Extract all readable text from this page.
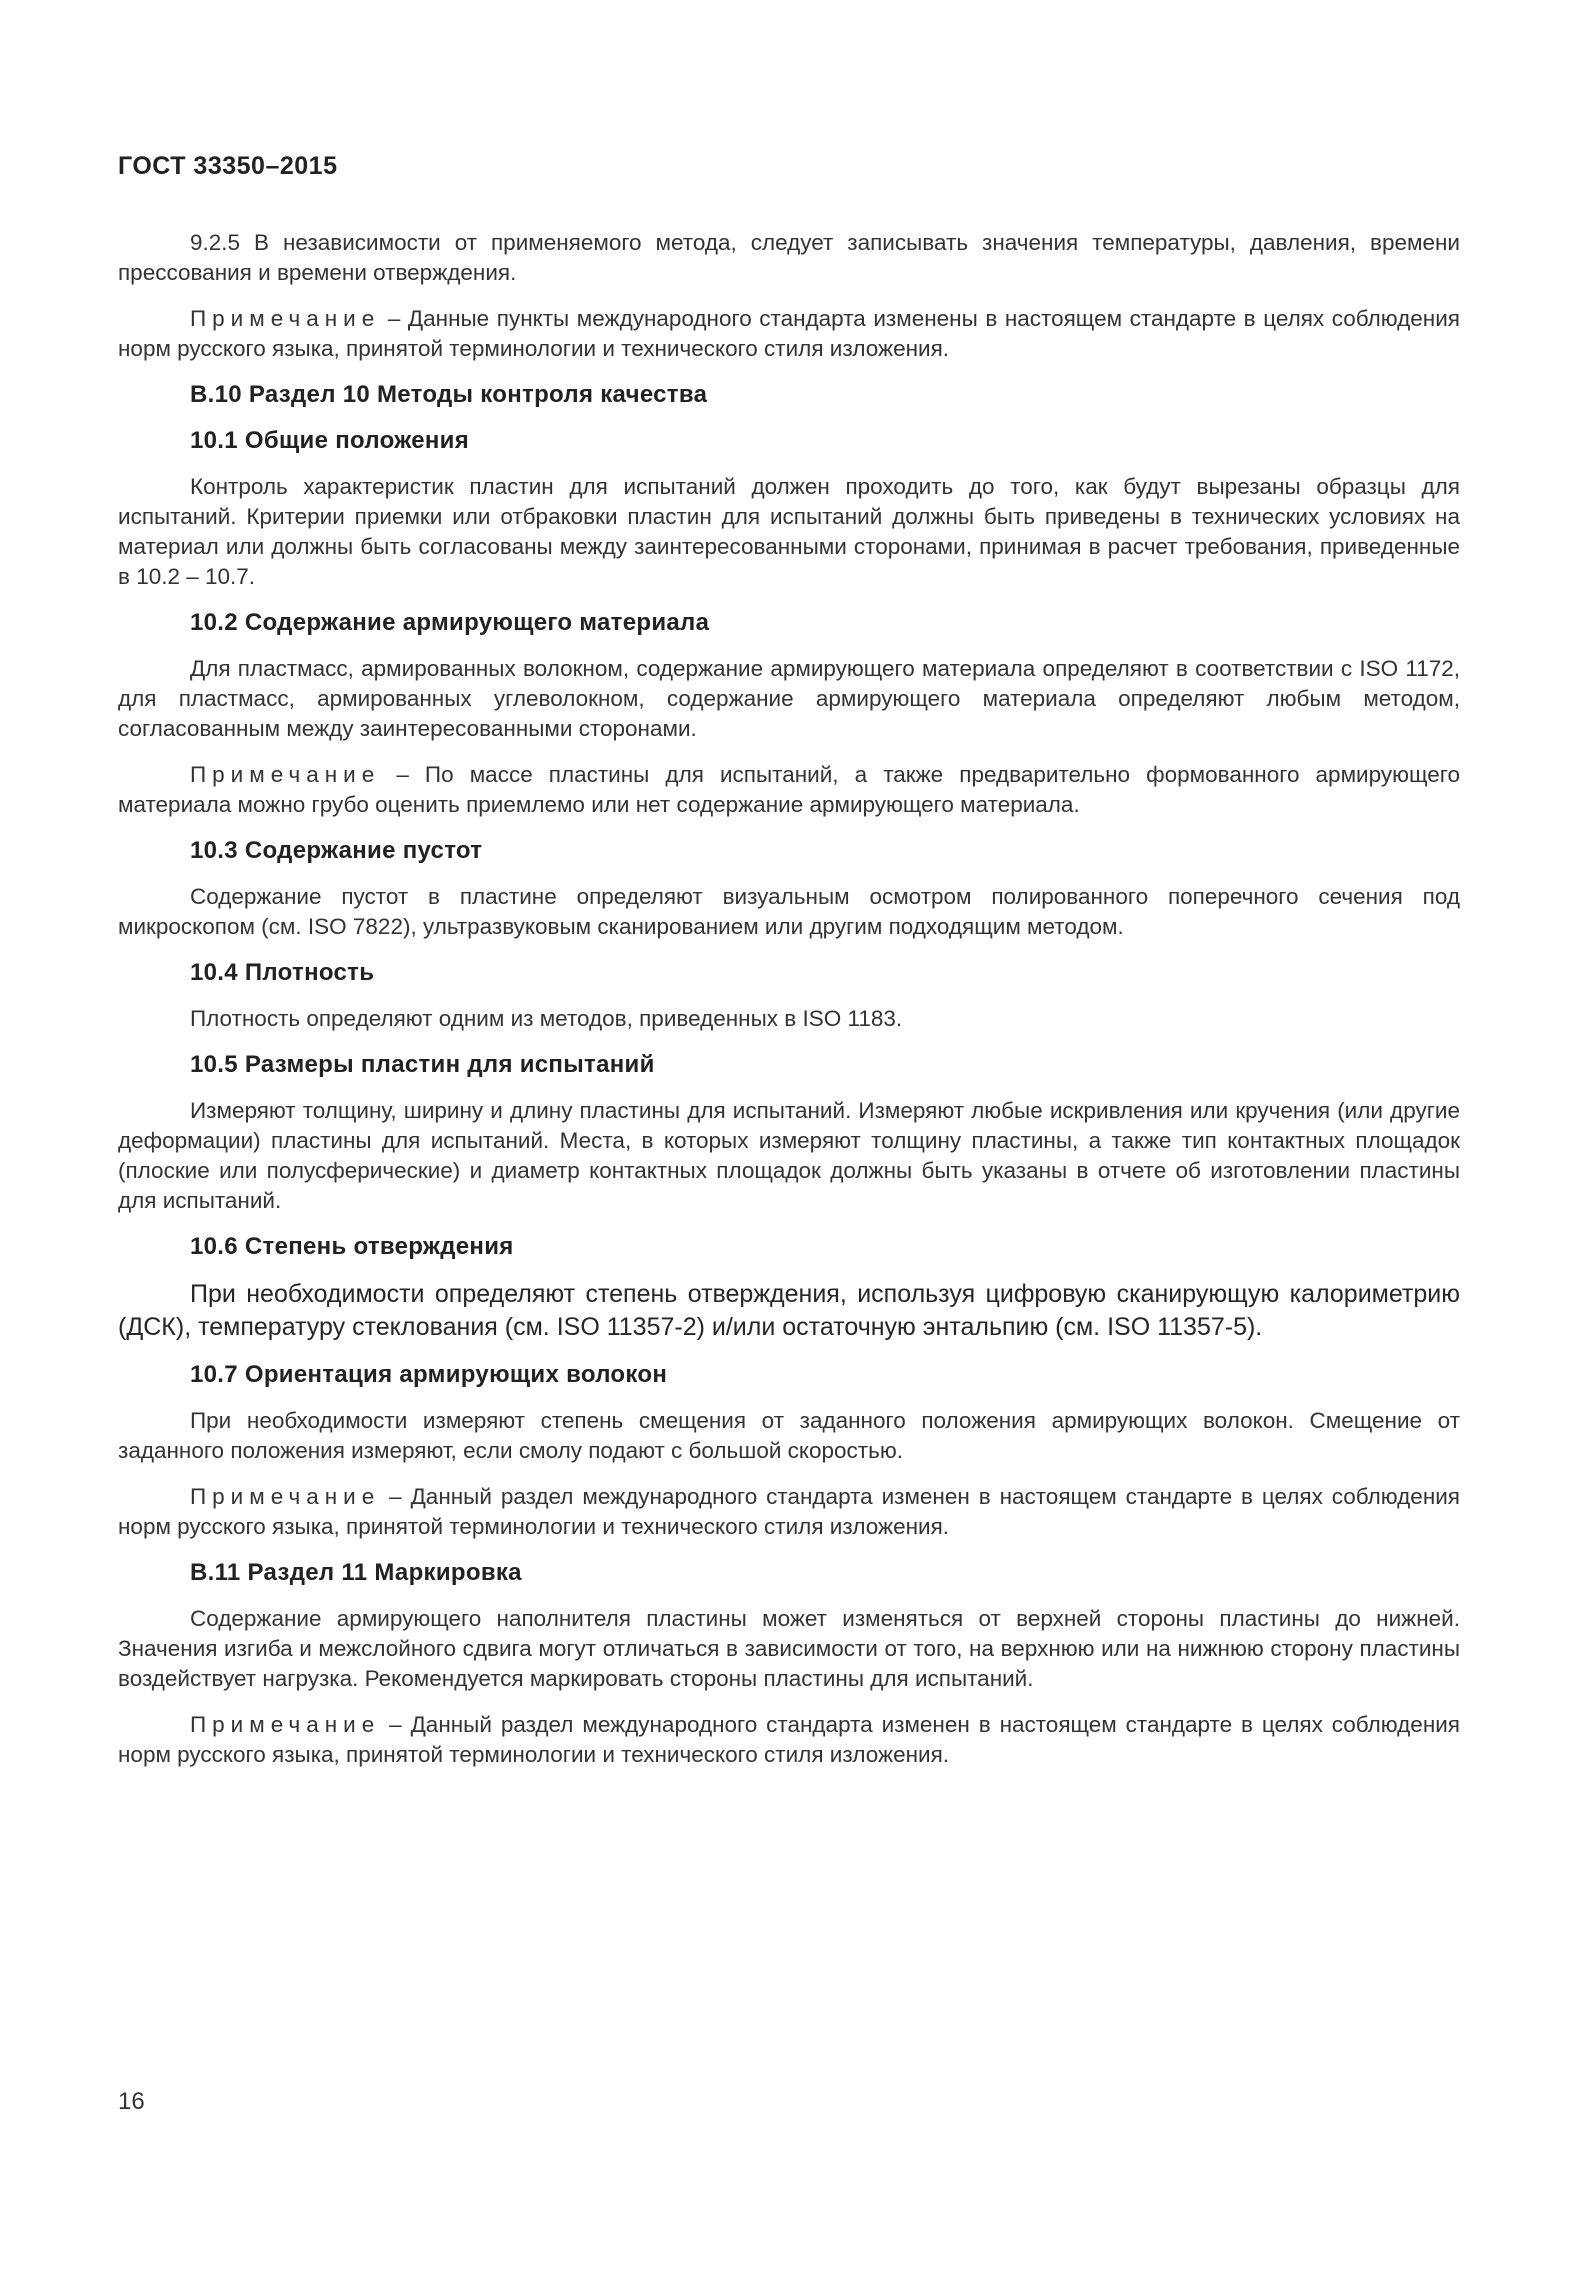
ГОСТ 33350–2015

9.2.5 В независимости от применяемого метода, следует записывать значения температуры, давления, времени прессования и времени отверждения.

Примечание – Данные пункты международного стандарта изменены в настоящем стандарте в целях соблюдения норм русского языка, принятой терминологии и технического стиля изложения.

В.10 Раздел 10 Методы контроля качества
10.1 Общие положения

Контроль характеристик пластин для испытаний должен проходить до того, как будут вырезаны образцы для испытаний. Критерии приемки или отбраковки пластин для испытаний должны быть приведены в технических условиях на материал или должны быть согласованы между заинтересованными сторонами, принимая в расчет требования, приведенные в 10.2 – 10.7.

10.2 Содержание армирующего материала

Для пластмасс, армированных волокном, содержание армирующего материала определяют в соответствии с ISO 1172, для пластмасс, армированных углеволокном, содержание армирующего материала определяют любым методом, согласованным между заинтересованными сторонами.

Примечание – По массе пластины для испытаний, а также предварительно формованного армирующего материала можно грубо оценить приемлемо или нет содержание армирующего материала.

10.3 Содержание пустот

Содержание пустот в пластине определяют визуальным осмотром полированного поперечного сечения под микроскопом (см. ISO 7822), ультразвуковым сканированием или другим подходящим методом.

10.4 Плотность

Плотность определяют одним из методов, приведенных в ISO 1183.

10.5 Размеры пластин для испытаний

Измеряют толщину, ширину и длину пластины для испытаний. Измеряют любые искривления или кручения (или другие деформации) пластины для испытаний. Места, в которых измеряют толщину пластины, а также тип контактных площадок (плоские или полусферические) и диаметр контактных площадок должны быть указаны в отчете об изготовлении пластины для испытаний.

10.6 Степень отверждения

При необходимости определяют степень отверждения, используя цифровую сканирующую калориметрию (ДСК), температуру стеклования (см. ISO 11357-2) и/или остаточную энтальпию (см. ISO 11357-5).

10.7 Ориентация армирующих волокон

При необходимости измеряют степень смещения от заданного положения армирующих волокон. Смещение от заданного положения измеряют, если смолу подают с большой скоростью.

Примечание – Данный раздел международного стандарта изменен в настоящем стандарте в целях соблюдения норм русского языка, принятой терминологии и технического стиля изложения.

В.11 Раздел 11 Маркировка

Содержание армирующего наполнителя пластины может изменяться от верхней стороны пластины до нижней. Значения изгиба и межслойного сдвига могут отличаться в зависимости от того, на верхнюю или на нижнюю сторону пластины воздействует нагрузка. Рекомендуется маркировать стороны пластины для испытаний.

Примечание – Данный раздел международного стандарта изменен в настоящем стандарте в целях соблюдения норм русского языка, принятой терминологии и технического стиля изложения.

16
